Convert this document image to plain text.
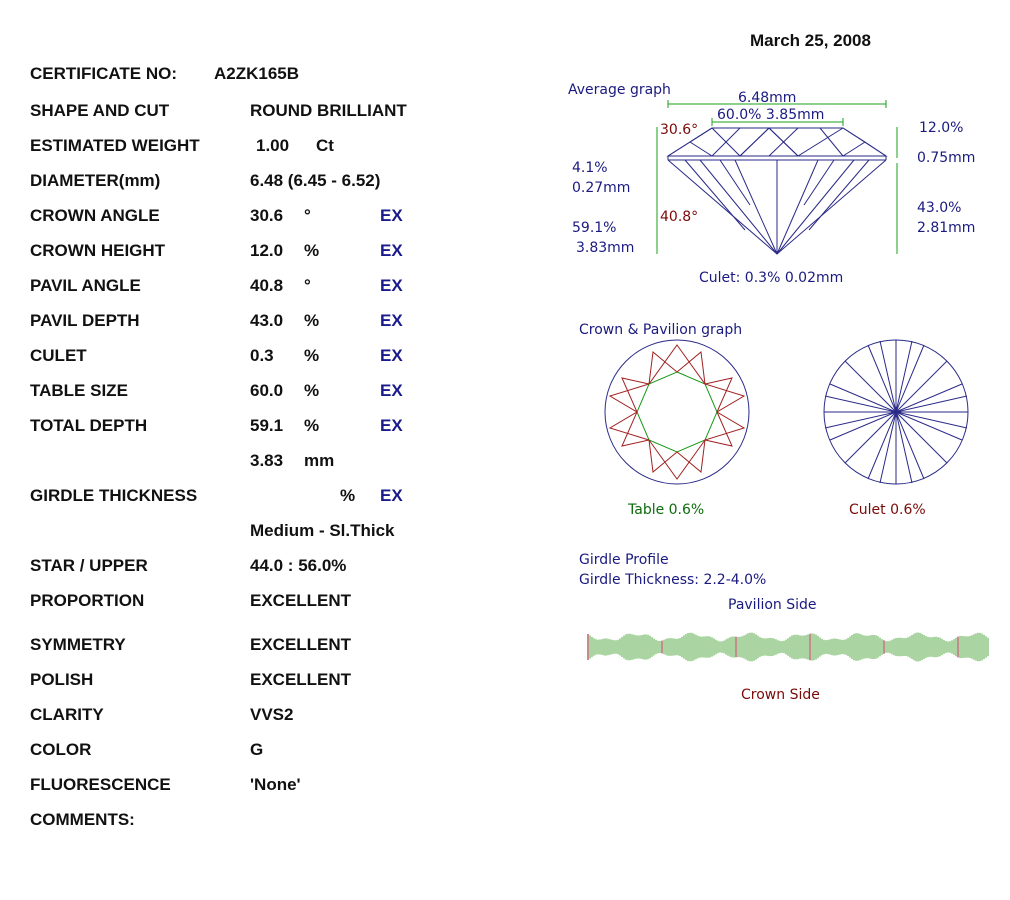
March 25, 2008
CERTIFICATE NO: A2ZK165B
SHAPE AND CUT	ROUND BRILLIANT
ESTIMATED WEIGHT	1.00 Ct
DIAMETER(mm)	6.48 (6.45 - 6.52)
CROWN ANGLE	30.6 °	EX
CROWN HEIGHT	12.0 %	EX
PAVIL ANGLE	40.8 °	EX
PAVIL DEPTH	43.0 %	EX
CULET	0.3 %	EX
TABLE SIZE	60.0 %	EX
TOTAL DEPTH	59.1 %	EX
3.83 mm
GIRDLE THICKNESS	% EX
Medium - Sl.Thick
STAR / UPPER	44.0 : 56.0%
PROPORTION	EXCELLENT
SYMMETRY	EXCELLENT
POLISH	EXCELLENT
CLARITY	VVS2
COLOR	G
FLUORESCENCE	'None'
COMMENTS:
Average graph	6.48mm
60.0% 3.85mm
30.6°	12.0%
0.75mm
4.1%
0.27mm
40.8°
43.0%
2.81mm
59.1%
3.83mm
Culet: 0.3% 0.02mm
Crown & Pavilion graph
Table 0.6%	Culet 0.6%
Girdle Profile
Girdle Thickness: 2.2-4.0%
Pavilion Side
Crown Side
